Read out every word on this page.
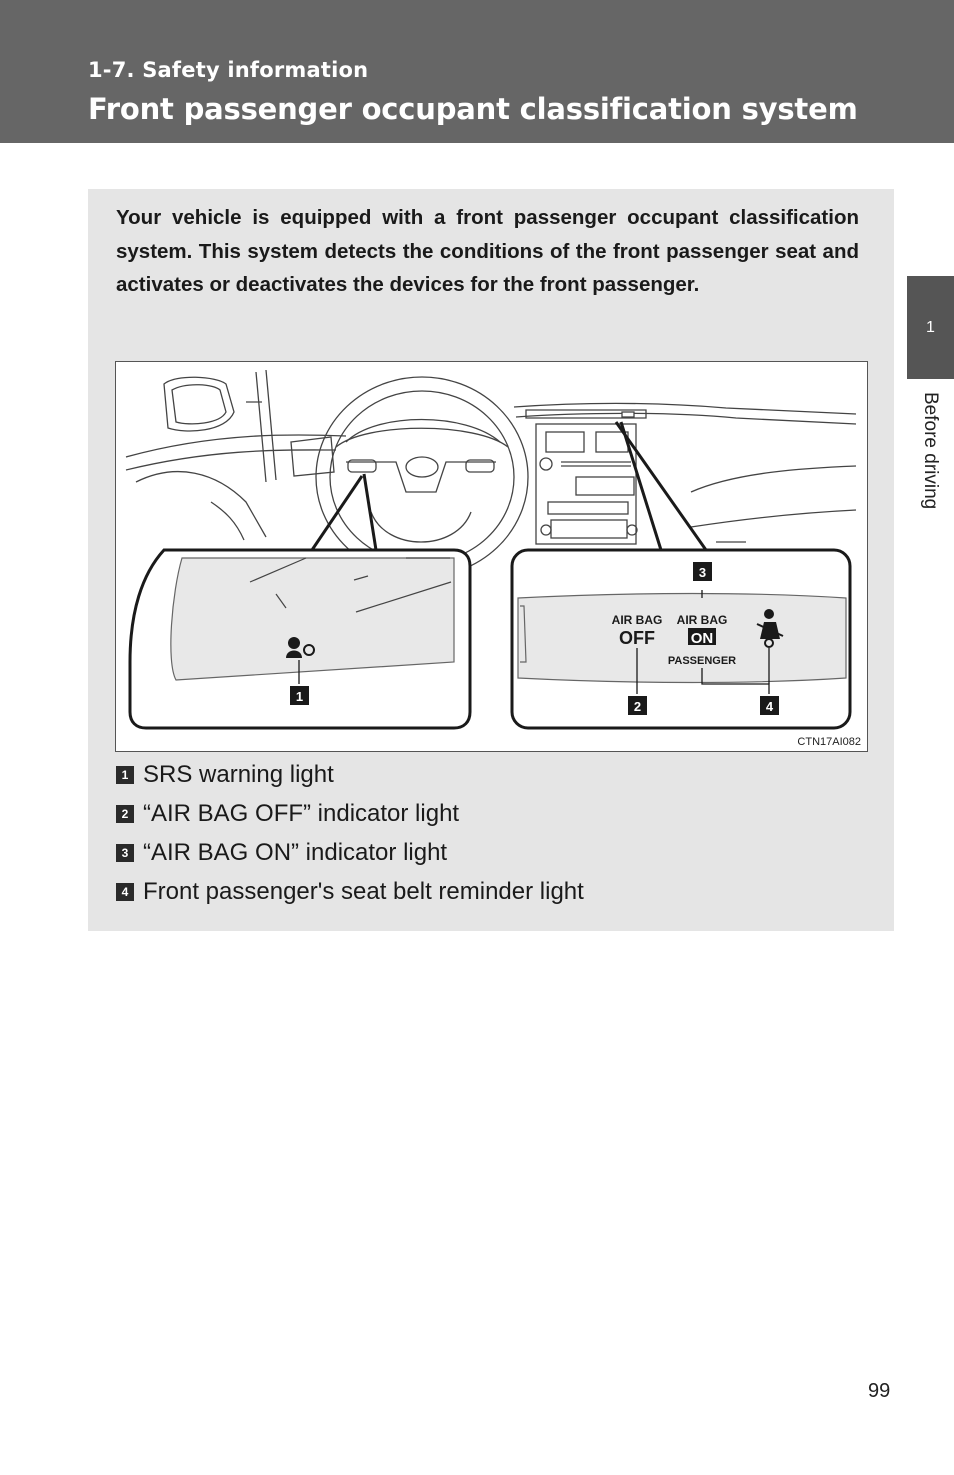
1-7. Safety information
Front passenger occupant classification system
1
Before driving

Your vehicle is equipped with a front passenger occupant classification system. This system detects the conditions of the front passenger seat and activates or deactivates the devices for the front passenger.

AIR BAG
OFF
AIR BAG
ON
PASSENGER
1
2
3
4
CTN17AI082
1 SRS warning light
2 “AIR BAG OFF” indicator light
3 “AIR BAG ON” indicator light
4 Front passenger's seat belt reminder light
99
